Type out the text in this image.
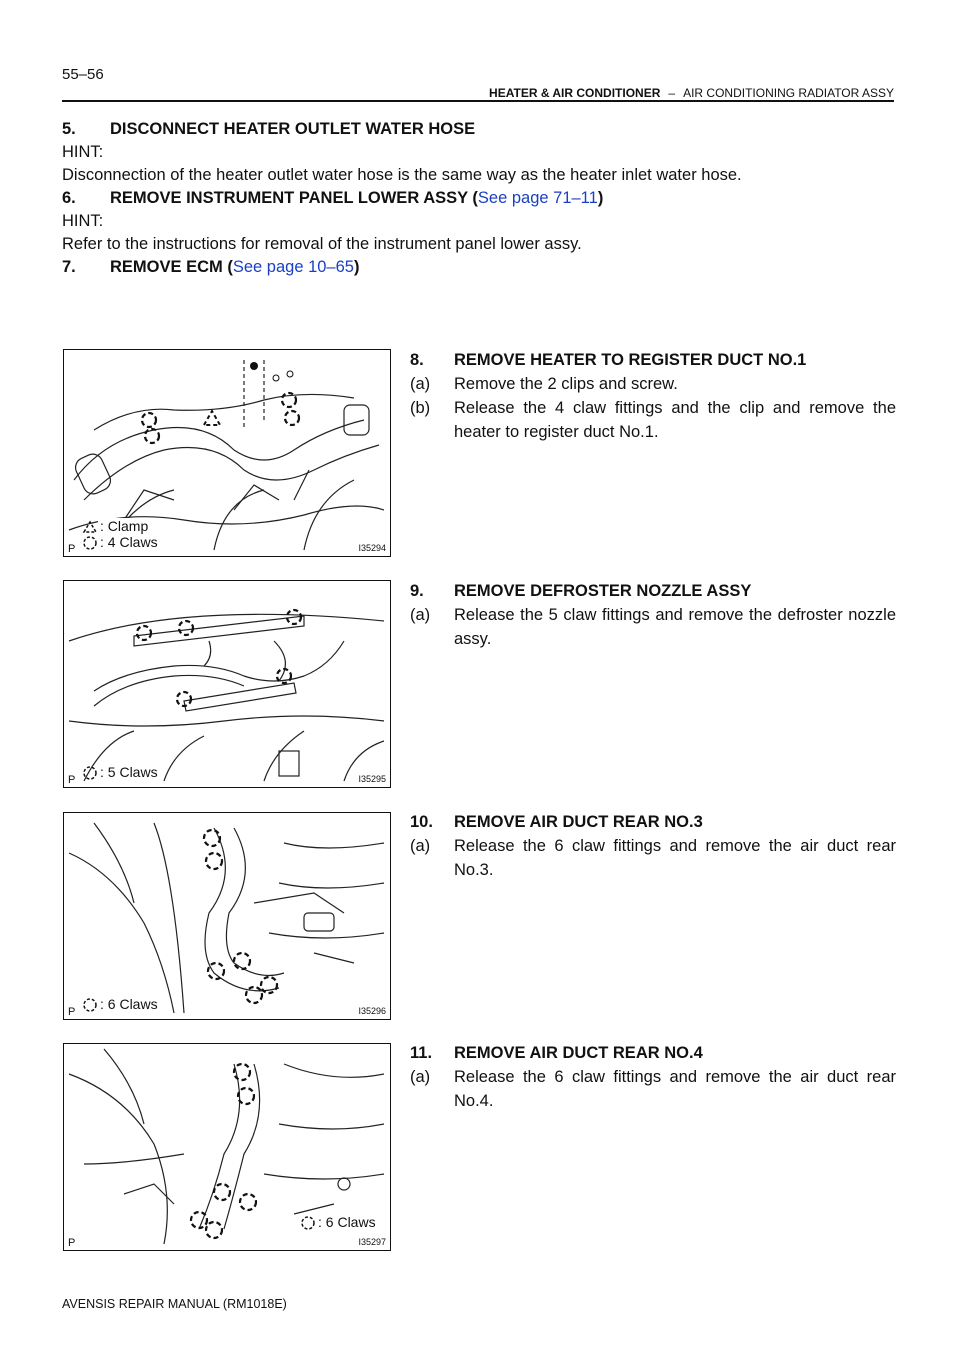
55–56
HEATER & AIR CONDITIONER – AIR CONDITIONING RADIATOR ASSY
5. DISCONNECT HEATER OUTLET WATER HOSE
HINT:
Disconnection of the heater outlet water hose is the same way as the heater inlet water hose.
6. REMOVE INSTRUMENT PANEL LOWER ASSY (See page 71–11)
HINT:
Refer to the instructions for removal of the instrument panel lower assy.
7. REMOVE ECM (See page 10–65)
: Clamp
: 4 Claws
P	I35294
: 5 Claws
P	I35295
: 6 Claws
P	I35296
: 6 Claws
P	I35297
8. REMOVE HEATER TO REGISTER DUCT NO.1
(a)	Remove the 2 clips and screw.
(b)	Release the 4 claw fittings and the clip and remove the heater to register duct No.1.
9. REMOVE DEFROSTER NOZZLE ASSY
(a)	Release the 5 claw fittings and remove the defroster nozzle assy.
10. REMOVE AIR DUCT REAR NO.3
(a)	Release the 6 claw fittings and remove the air duct rear No.3.
11. REMOVE AIR DUCT REAR NO.4
(a)	Release the 6 claw fittings and remove the air duct rear No.4.
AVENSIS REPAIR MANUAL (RM1018E)
